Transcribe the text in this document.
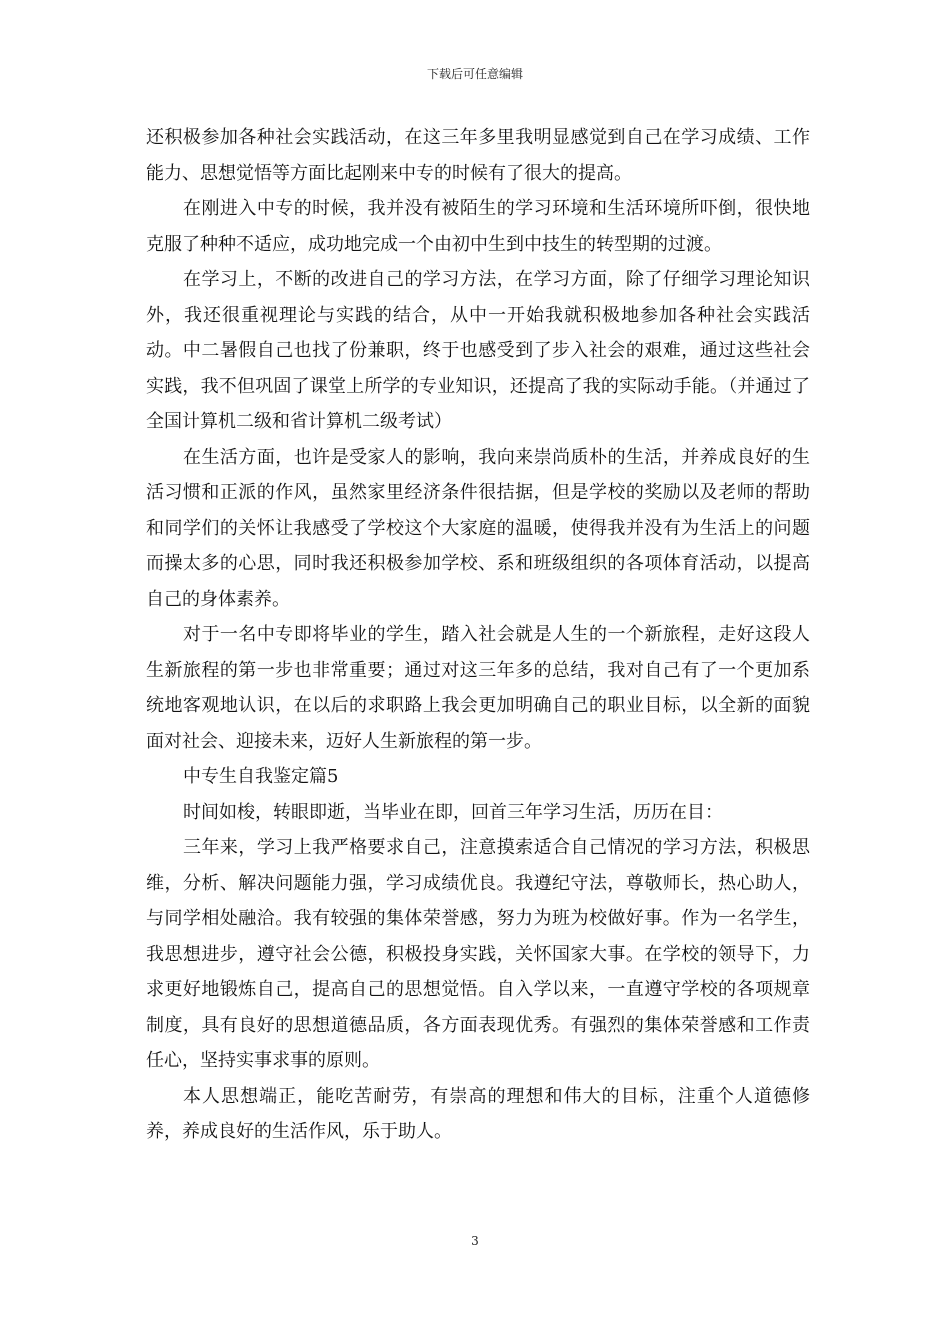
下载后可任意编辑

还积极参加各种社会实践活动，在这三年多里我明显感觉到自己在学习成绩、工作能力、思想觉悟等方面比起刚来中专的时候有了很大的提高。

在刚进入中专的时候，我并没有被陌生的学习环境和生活环境所吓倒，很快地克服了种种不适应，成功地完成一个由初中生到中技生的转型期的过渡。

在学习上，不断的改进自己的学习方法，在学习方面，除了仔细学习理论知识外，我还很重视理论与实践的结合，从中一开始我就积极地参加各种社会实践活动。中二暑假自己也找了份兼职，终于也感受到了步入社会的艰难，通过这些社会实践，我不但巩固了课堂上所学的专业知识，还提高了我的实际动手能。（并通过了全国计算机二级和省计算机二级考试）

在生活方面，也许是受家人的影响，我向来崇尚质朴的生活，并养成良好的生活习惯和正派的作风，虽然家里经济条件很拮据，但是学校的奖励以及老师的帮助和同学们的关怀让我感受了学校这个大家庭的温暖，使得我并没有为生活上的问题而操太多的心思，同时我还积极参加学校、系和班级组织的各项体育活动，以提高自己的身体素养。

对于一名中专即将毕业的学生，踏入社会就是人生的一个新旅程，走好这段人生新旅程的第一步也非常重要；通过对这三年多的总结，我对自己有了一个更加系统地客观地认识，在以后的求职路上我会更加明确自己的职业目标，以全新的面貌面对社会、迎接未来，迈好人生新旅程的第一步。

中专生自我鉴定篇5

时间如梭，转眼即逝，当毕业在即，回首三年学习生活，历历在目：

三年来，学习上我严格要求自己，注意摸索适合自己情况的学习方法，积极思维，分析、解决问题能力强，学习成绩优良。我遵纪守法，尊敬师长，热心助人，与同学相处融洽。我有较强的集体荣誉感，努力为班为校做好事。作为一名学生，我思想进步，遵守社会公德，积极投身实践，关怀国家大事。在学校的领导下，力求更好地锻炼自己，提高自己的思想觉悟。自入学以来，一直遵守学校的各项规章制度，具有良好的思想道德品质，各方面表现优秀。有强烈的集体荣誉感和工作责任心，坚持实事求事的原则。

本人思想端正，能吃苦耐劳，有崇高的理想和伟大的目标，注重个人道德修养，养成良好的生活作风，乐于助人。

3
